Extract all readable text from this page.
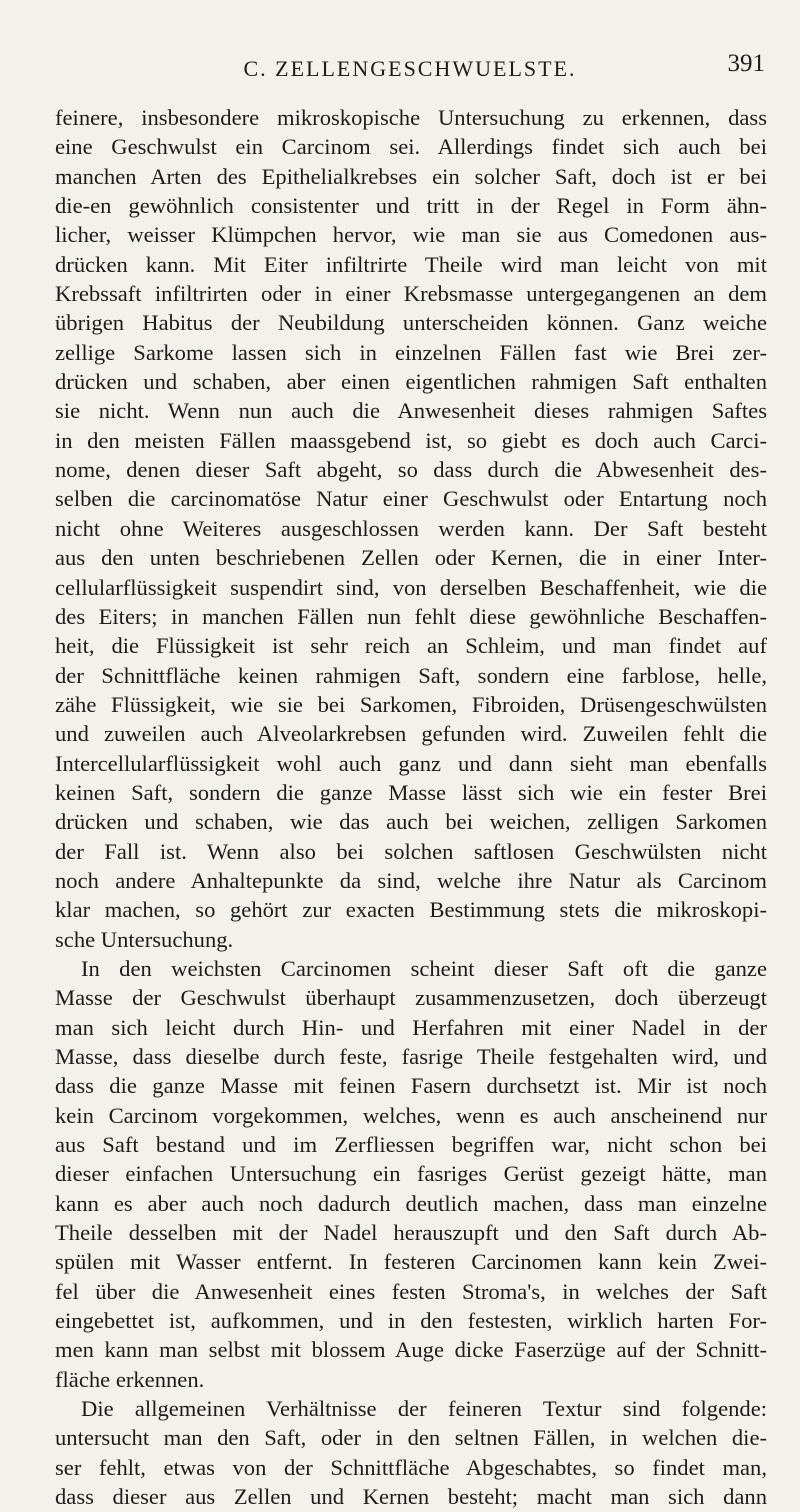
C. ZELLENGESCHWUELSTE.	391
feinere, insbesondere mikroskopische Untersuchung zu erkennen, dass
eine Geschwulst ein Carcinom sei. Allerdings findet sich auch bei
manchen Arten des Epithelialkrebses ein solcher Saft, doch ist er bei
die-en gewöhnlich consistenter und tritt in der Regel in Form ähn-
licher, weisser Klümpchen hervor, wie man sie aus Comedonen aus-
drücken kann. Mit Eiter infiltrirte Theile wird man leicht von mit
Krebssaft infiltrirten oder in einer Krebsmasse untergegangenen an dem
übrigen Habitus der Neubildung unterscheiden können. Ganz weiche
zellige Sarkome lassen sich in einzelnen Fällen fast wie Brei zer-
drücken und schaben, aber einen eigentlichen rahmigen Saft enthalten
sie nicht. Wenn nun auch die Anwesenheit dieses rahmigen Saftes
in den meisten Fällen maassgebend ist, so giebt es doch auch Carci-
nome, denen dieser Saft abgeht, so dass durch die Abwesenheit des-
selben die carcinomatöse Natur einer Geschwulst oder Entartung noch
nicht ohne Weiteres ausgeschlossen werden kann. Der Saft besteht
aus den unten beschriebenen Zellen oder Kernen, die in einer Inter-
cellularflüssigkeit suspendirt sind, von derselben Beschaffenheit, wie die
des Eiters; in manchen Fällen nun fehlt diese gewöhnliche Beschaffen-
heit, die Flüssigkeit ist sehr reich an Schleim, und man findet auf
der Schnittfläche keinen rahmigen Saft, sondern eine farblose, helle,
zähe Flüssigkeit, wie sie bei Sarkomen, Fibroiden, Drüsengeschwülsten
und zuweilen auch Alveolarkrebsen gefunden wird. Zuweilen fehlt die
Intercellularflüssigkeit wohl auch ganz und dann sieht man ebenfalls
keinen Saft, sondern die ganze Masse lässt sich wie ein fester Brei
drücken und schaben, wie das auch bei weichen, zelligen Sarkomen
der Fall ist. Wenn also bei solchen saftlosen Geschwülsten nicht
noch andere Anhaltepunkte da sind, welche ihre Natur als Carcinom
klar machen, so gehört zur exacten Bestimmung stets die mikroskopi-
sche Untersuchung.
In den weichsten Carcinomen scheint dieser Saft oft die ganze
Masse der Geschwulst überhaupt zusammenzusetzen, doch überzeugt
man sich leicht durch Hin- und Herfahren mit einer Nadel in der
Masse, dass dieselbe durch feste, fasrige Theile festgehalten wird, und
dass die ganze Masse mit feinen Fasern durchsetzt ist. Mir ist noch
kein Carcinom vorgekommen, welches, wenn es auch anscheinend nur
aus Saft bestand und im Zerfliessen begriffen war, nicht schon bei
dieser einfachen Untersuchung ein fasriges Gerüst gezeigt hätte, man
kann es aber auch noch dadurch deutlich machen, dass man einzelne
Theile desselben mit der Nadel herauszupft und den Saft durch Ab-
spülen mit Wasser entfernt. In festeren Carcinomen kann kein Zwei-
fel über die Anwesenheit eines festen Stroma's, in welches der Saft
eingebettet ist, aufkommen, und in den festesten, wirklich harten For-
men kann man selbst mit blossem Auge dicke Faserzüge auf der Schnitt-
fläche erkennen.
Die allgemeinen Verhältnisse der feineren Textur sind folgende:
untersucht man den Saft, oder in den seltnen Fällen, in welchen die-
ser fehlt, etwas von der Schnittfläche Abgeschabtes, so findet man,
dass dieser aus Zellen und Kernen besteht; macht man sich dann
